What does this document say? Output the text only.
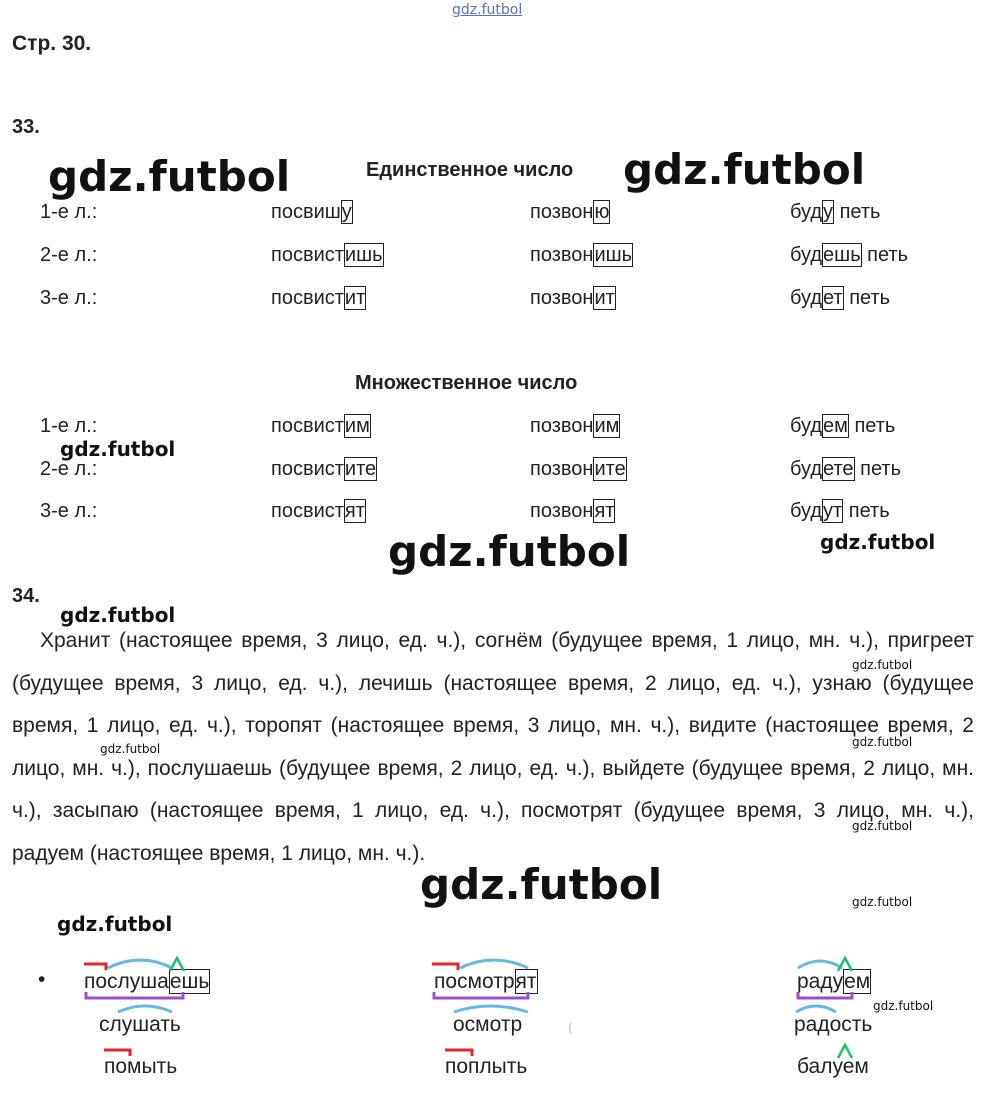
gdz.futbol
Стр. 30.
33.
Единственное число
1-е л.:	посвишу	позвоню	буду петь
2-е л.:	посвистишь	позвонишь	будешь петь
3-е л.:	посвистит	позвонит	будет петь
Множественное число
1-е л.:	посвистим	позвоним	будем петь
2-е л.:	посвистите	позвоните	будете петь
3-е л.:	посвистят	позвонят	будут петь
34.
Хранит (настоящее время, 3 лицо, ед. ч.), согнём (будущее время, 1 лицо, мн. ч.), пригреет (будущее время, 3 лицо, ед. ч.), лечишь (настоящее время, 2 лицо, ед. ч.), узнаю (будущее время, 1 лицо, ед. ч.), торопят (настоящее время, 3 лицо, мн. ч.), видите (настоящее время, 2 лицо, мн. ч.), послушаешь (будущее время, 2 лицо, ед. ч.), выйдете (будущее время, 2 лицо, мн. ч.), засыпаю (настоящее время, 1 лицо, ед. ч.), посмотрят (будущее время, 3 лицо, мн. ч.), радуем (настоящее время, 1 лицо, мн. ч.).
• послушаешь
слушать
помыть
посмотрят
осмотр
поплыть
радуем
радость
балуем
(
gdz.futbol	gdz.futbol
gdz.futbol
gdz.futbol	gdz.futbol
gdz.futbol
gdz.futbol
gdz.futbol
gdz.futbol
gdz.futbol
gdz.futbol	gdz.futbol
gdz.futbol
gdz.futbol
